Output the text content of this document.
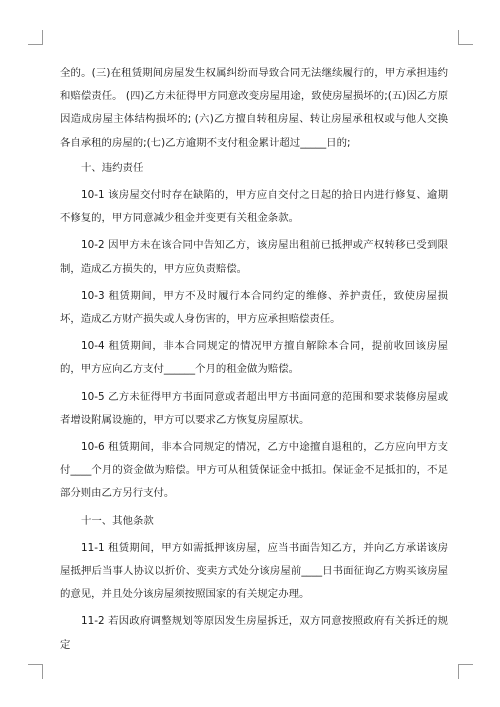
全的。(三)在租赁期间房屋发生权属纠纷而导致合同无法继续履行的，甲方承担违约和赔偿责任。 (四)乙方未征得甲方同意改变房屋用途，致使房屋损坏的;(五)因乙方原因造成房屋主体结构损坏的; (六)乙方擅自转租房屋、转让房屋承租权或与他人交换各自承租的房屋的;(七)乙方逾期不支付租金累计超过_____日的;

十、违约责任

10-1 该房屋交付时存在缺陷的，甲方应自交付之日起的拾日内进行修复、逾期不修复的，甲方同意减少租金并变更有关租金条款。

10-2 因甲方未在该合同中告知乙方，该房屋出租前已抵押或产权转移已受到限制，造成乙方损失的，甲方应负责赔偿。

10-3 租赁期间，甲方不及时履行本合同约定的维修、养护责任，致使房屋损坏，造成乙方财产损失或人身伤害的，甲方应承担赔偿责任。

10-4 租赁期间，非本合同规定的情况甲方擅自解除本合同，提前收回该房屋的，甲方应向乙方支付______个月的租金做为赔偿。

10-5 乙方未征得甲方书面同意或者超出甲方书面同意的范围和要求装修房屋或者增设附属设施的，甲方可以要求乙方恢复房屋原状。

10-6 租赁期间，非本合同规定的情况，乙方中途擅自退租的，乙方应向甲方支付____个月的资金做为赔偿。甲方可从租赁保证金中抵扣。保证金不足抵扣的，不足部分则由乙方另行支付。

十一、其他条款

11-1 租赁期间，甲方如需抵押该房屋，应当书面告知乙方，并向乙方承诺该房屋抵押后当事人协议以折价、变卖方式处分该房屋前____日书面征询乙方购买该房屋的意见，并且处分该房屋须按照国家的有关规定办理。

11-2 若因政府调整规划等原因发生房屋拆迁，双方同意按照政府有关拆迁的规定
